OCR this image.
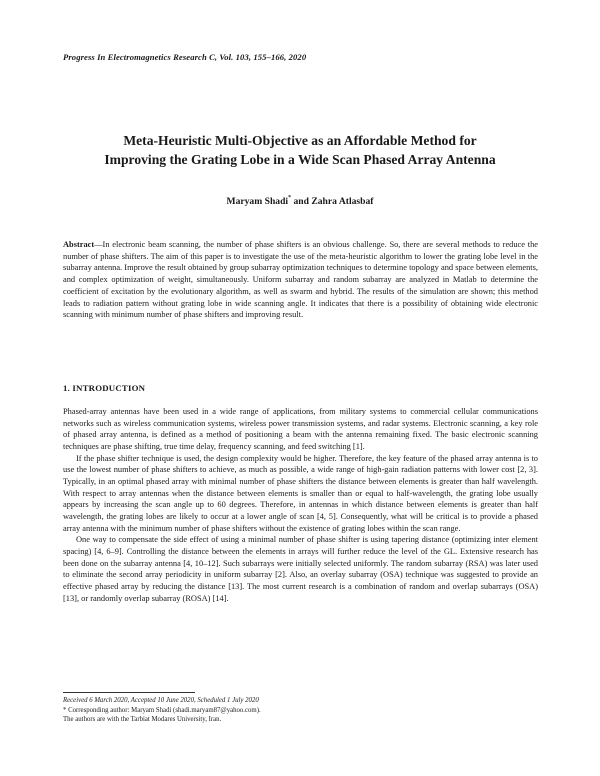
Progress In Electromagnetics Research C, Vol. 103, 155–166, 2020
Meta-Heuristic Multi-Objective as an Affordable Method for
Improving the Grating Lobe in a Wide Scan Phased Array Antenna
Maryam Shadi* and Zahra Atlasbaf
Abstract—In electronic beam scanning, the number of phase shifters is an obvious challenge. So, there are several methods to reduce the number of phase shifters. The aim of this paper is to investigate the use of the meta-heuristic algorithm to lower the grating lobe level in the subarray antenna. Improve the result obtained by group subarray optimization techniques to determine topology and space between elements, and complex optimization of weight, simultaneously. Uniform subarray and random subarray are analyzed in Matlab to determine the coefficient of excitation by the evolutionary algorithm, as well as swarm and hybrid. The results of the simulation are shown; this method leads to radiation pattern without grating lobe in wide scanning angle. It indicates that there is a possibility of obtaining wide electronic scanning with minimum number of phase shifters and improving result.
1. INTRODUCTION

Phased-array antennas have been used in a wide range of applications, from military systems to commercial cellular communications networks such as wireless communication systems, wireless power transmission systems, and radar systems. Electronic scanning, a key role of phased array antenna, is defined as a method of positioning a beam with the antenna remaining fixed. The basic electronic scanning techniques are phase shifting, true time delay, frequency scanning, and feed switching [1].

If the phase shifter technique is used, the design complexity would be higher. Therefore, the key feature of the phased array antenna is to use the lowest number of phase shifters to achieve, as much as possible, a wide range of high-gain radiation patterns with lower cost [2, 3]. Typically, in an optimal phased array with minimal number of phase shifters the distance between elements is greater than half wavelength. With respect to array antennas when the distance between elements is smaller than or equal to half-wavelength, the grating lobe usually appears by increasing the scan angle up to 60 degrees. Therefore, in antennas in which distance between elements is greater than half wavelength, the grating lobes are likely to occur at a lower angle of scan [4, 5]. Consequently, what will be critical is to provide a phased array antenna with the minimum number of phase shifters without the existence of grating lobes within the scan range.

One way to compensate the side effect of using a minimal number of phase shifter is using tapering distance (optimizing inter element spacing) [4, 6–9]. Controlling the distance between the elements in arrays will further reduce the level of the GL. Extensive research has been done on the subarray antenna [4, 10–12]. Such subarrays were initially selected uniformly. The random subarray (RSA) was later used to eliminate the second array periodicity in uniform subarray [2]. Also, an overlay subarray (OSA) technique was suggested to provide an effective phased array by reducing the distance [13]. The most current research is a combination of random and overlap subarrays (OSA) [13], or randomly overlap subarray (ROSA) [14].

Received 6 March 2020, Accepted 10 June 2020, Scheduled 1 July 2020
* Corresponding author: Maryam Shadi (shadi.maryam87@yahoo.com).
The authors are with the Tarbiat Modares University, Iran.
